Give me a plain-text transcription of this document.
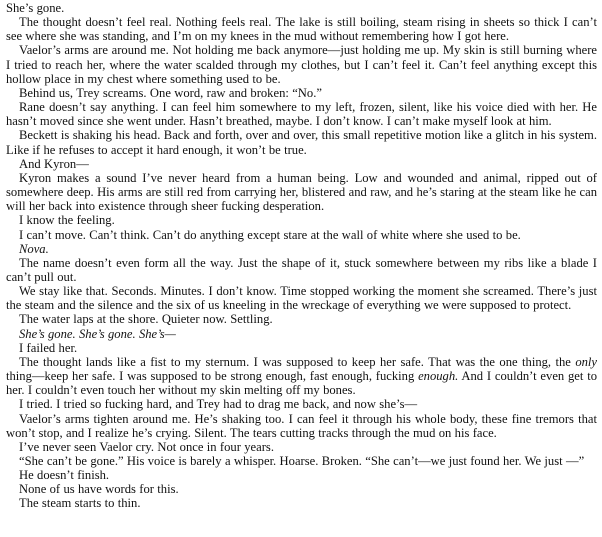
She’s gone.

The thought doesn’t feel real. Nothing feels real. The lake is still boiling, steam rising in sheets so thick I can’t see where she was standing, and I’m on my knees in the mud without remembering how I got here.

Vaelor’s arms are around me. Not holding me back anymore—just holding me up. My skin is still burning where I tried to reach her, where the water scalded through my clothes, but I can’t feel it. Can’t feel anything except this hollow place in my chest where something used to be.

Behind us, Trey screams. One word, raw and broken: “No.”

Rane doesn’t say anything. I can feel him somewhere to my left, frozen, silent, like his voice died with her. He hasn’t moved since she went under. Hasn’t breathed, maybe. I don’t know. I can’t make myself look at him.

Beckett is shaking his head. Back and forth, over and over, this small repetitive motion like a glitch in his system. Like if he refuses to accept it hard enough, it won’t be true.

And Kyron—

Kyron makes a sound I’ve never heard from a human being. Low and wounded and animal, ripped out of somewhere deep. His arms are still red from carrying her, blistered and raw, and he’s staring at the steam like he can will her back into existence through sheer fucking desperation.

I know the feeling.

I can’t move. Can’t think. Can’t do anything except stare at the wall of white where she used to be.

Nova.

The name doesn’t even form all the way. Just the shape of it, stuck somewhere between my ribs like a blade I can’t pull out.

We stay like that. Seconds. Minutes. I don’t know. Time stopped working the moment she screamed. There’s just the steam and the silence and the six of us kneeling in the wreckage of everything we were supposed to protect.

The water laps at the shore. Quieter now. Settling.

She’s gone. She’s gone. She’s—

I failed her.

The thought lands like a fist to my sternum. I was supposed to keep her safe. That was the one thing, the only thing—keep her safe. I was supposed to be strong enough, fast enough, fucking enough. And I couldn’t even get to her. I couldn’t even touch her without my skin melting off my bones.

I tried. I tried so fucking hard, and Trey had to drag me back, and now she’s—

Vaelor’s arms tighten around me. He’s shaking too. I can feel it through his whole body, these fine tremors that won’t stop, and I realize he’s crying. Silent. The tears cutting tracks through the mud on his face.

I’ve never seen Vaelor cry. Not once in four years.

“She can’t be gone.” His voice is barely a whisper. Hoarse. Broken. “She can’t—we just found her. We just —”

He doesn’t finish.

None of us have words for this.

The steam starts to thin.
